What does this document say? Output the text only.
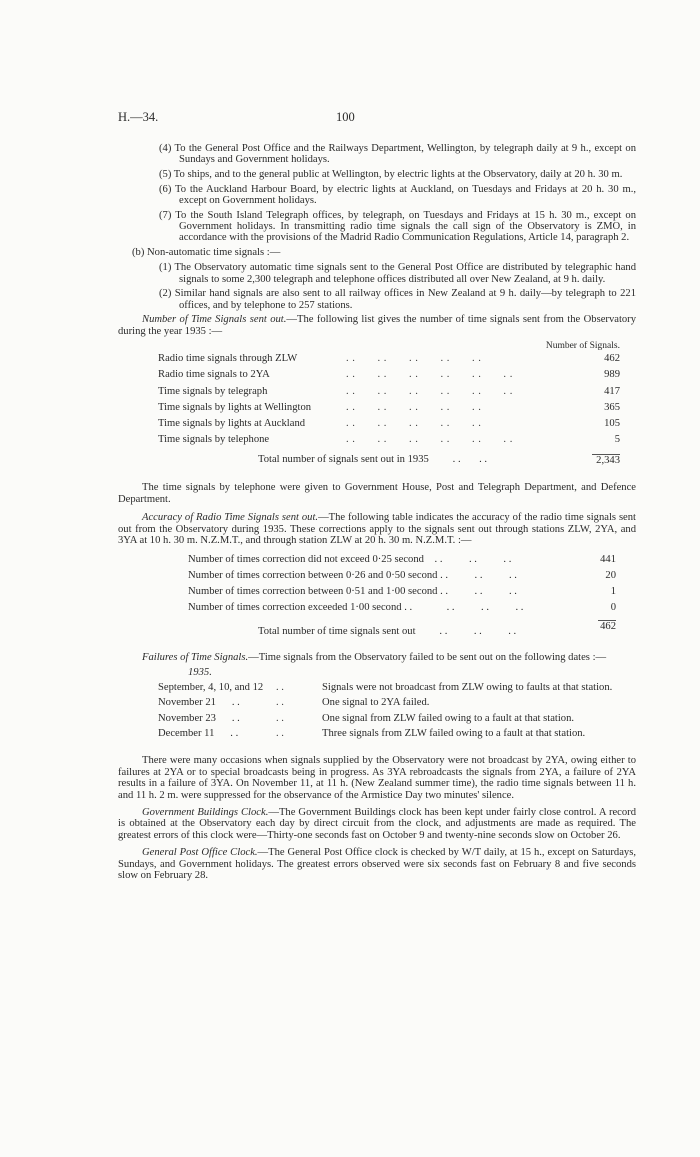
H.—34.	100

(4) To the General Post Office and the Railways Department, Wellington, by telegraph daily at 9 h., except on Sundays and Government holidays.

(5) To ships, and to the general public at Wellington, by electric lights at the Observatory, daily at 20 h. 30 m.

(6) To the Auckland Harbour Board, by electric lights at Auckland, on Tuesdays and Fridays at 20 h. 30 m., except on Government holidays.

(7) To the South Island Telegraph offices, by telegraph, on Tuesdays and Fridays at 15 h. 30 m., except on Government holidays. In transmitting radio time signals the call sign of the Observatory is ZMO, in accordance with the provisions of the Madrid Radio Communication Regulations, Article 14, paragraph 2.

(b) Non-automatic time signals :—

(1) The Observatory automatic time signals sent to the General Post Office are distributed by telegraphic hand signals to some 2,300 telegraph and telephone offices distributed all over New Zealand, at 9 h. daily.

(2) Similar hand signals are also sent to all railway offices in New Zealand at 9 h. daily—by telegraph to 221 offices, and by telephone to 257 stations.

Number of Time Signals sent out.—The following list gives the number of time signals sent from the Observatory during the year 1935 :—

Number of Signals.
Radio time signals through ZLW	. .       . .       . .       . .       . .	462
Radio time signals to 2YA	. .       . .       . .       . .       . .       . .	989
Time signals by telegraph	. .       . .       . .       . .       . .       . .	417
Time signals by lights at Wellington	. .       . .       . .       . .       . .	365
Time signals by lights at Auckland	. .       . .       . .       . .       . .	105
Time signals by telephone	. .       . .       . .       . .       . .       . .	5
Total number of signals sent out in 1935         . .       . .		2,343

The time signals by telephone were given to Government House, Post and Telegraph Department, and Defence Department.

Accuracy of Radio Time Signals sent out.—The following table indicates the accuracy of the radio time signals sent out from the Observatory during 1935. These corrections apply to the signals sent out through stations ZLW, 2YA, and 3YA at 10 h. 30 m. N.Z.M.T., and through station ZLW at 20 h. 30 m. N.Z.M.T. :—

Number of times correction did not exceed 0·25 second    . .          . .          . .	441
Number of times correction between 0·26 and 0·50 second . .          . .          . .	20
Number of times correction between 0·51 and 1·00 second . .          . .          . .	1
Number of times correction exceeded 1·00 second . .             . .          . .          . .	0
Total number of time signals sent out         . .          . .          . .	462

Failures of Time Signals.—Time signals from the Observatory failed to be sent out on the following dates :—

1935.
September, 4, 10, and 12	. .	Signals were not broadcast from ZLW owing to faults at that station.
November 21      . .	. .	One signal to 2YA failed.
November 23      . .	. .	One signal from ZLW failed owing to a fault at that station.
December 11      . .	. .	Three signals from ZLW failed owing to a fault at that station.

There were many occasions when signals supplied by the Observatory were not broadcast by 2YA, owing either to failures at 2YA or to special broadcasts being in progress. As 3YA rebroadcasts the signals from 2YA, a failure of 2YA results in a failure of 3YA. On November 11, at 11 h. (New Zealand summer time), the radio time signals between 11 h. and 11 h. 2 m. were suppressed for the observance of the Armistice Day two minutes' silence.

Government Buildings Clock.—The Government Buildings clock has been kept under fairly close control. A record is obtained at the Observatory each day by direct circuit from the clock, and adjustments are made as required. The greatest errors of this clock were—Thirty-one seconds fast on October 9 and twenty-nine seconds slow on October 26.

General Post Office Clock.—The General Post Office clock is checked by W/T daily, at 15 h., except on Saturdays, Sundays, and Government holidays. The greatest errors observed were six seconds fast on February 8 and five seconds slow on February 28.
